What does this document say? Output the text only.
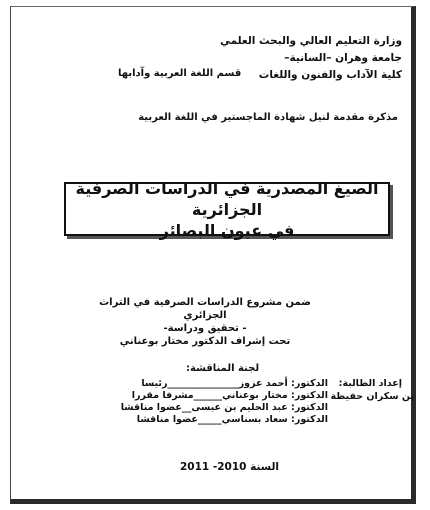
وزارة التعليم العالي والبحث العلمي
جامعة وهران –السانية–
كلية الآداب والفنون واللغات
قسم اللغة العربية وآدابها
مذكرة مقدمة لنيل شهادة الماجستير في اللغة العربية
الصيغ المصدرية في الدراسات الصرفية الجزائرية
في عيون البصائر
ضمن مشروع الدراسات الصرفية في التراث الجزائري
- تحقيق ودراسة-
تحت إشراف الدكتور مختار بوعناني
لجنة المناقشة:
الدكتور: أحمد عزوز_______________رئيسا
الدكتور: مختار بوعناني______مشرفا مقررا
الدكتور: عبد الحليم بن عيسى__عضوا مناقشا
الدكتور: سعاد بسناسي_____عضوا مناقشا
إعداد الطالبة:
بن سكران حفيظة
السنة 2010- 2011
